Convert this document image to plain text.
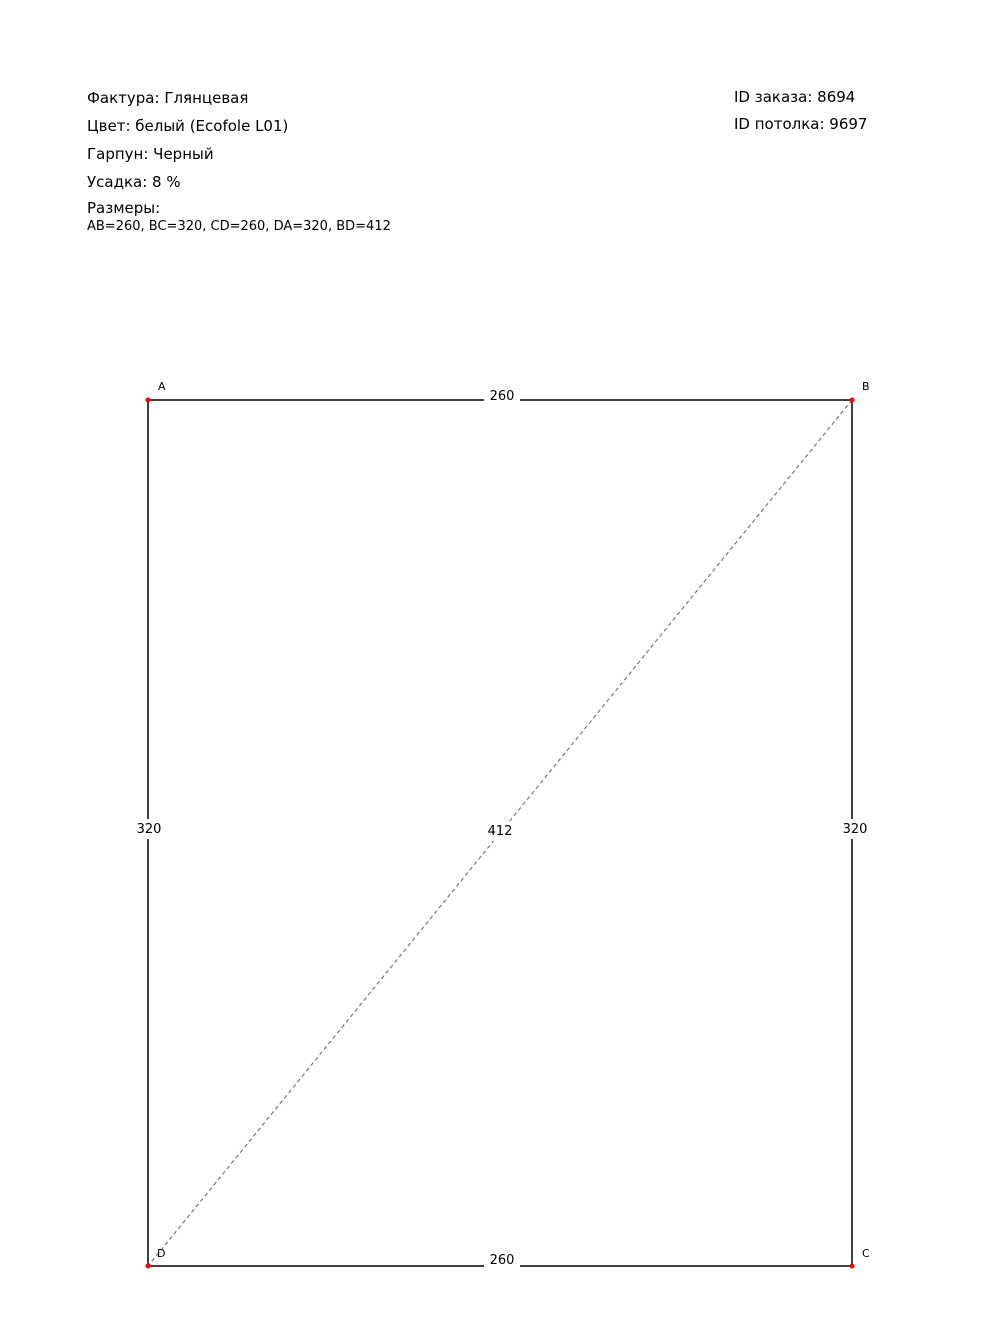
Фактура: Глянцевая
Цвет: белый (Ecofole L01)
Гарпун: Черный
Усадка: 8 %
Размеры:
AB=260, BC=320, CD=260, DA=320, BD=412
ID заказа: 8694
ID потолка: 9697
260
260
320	320
412
A	B
C
D
